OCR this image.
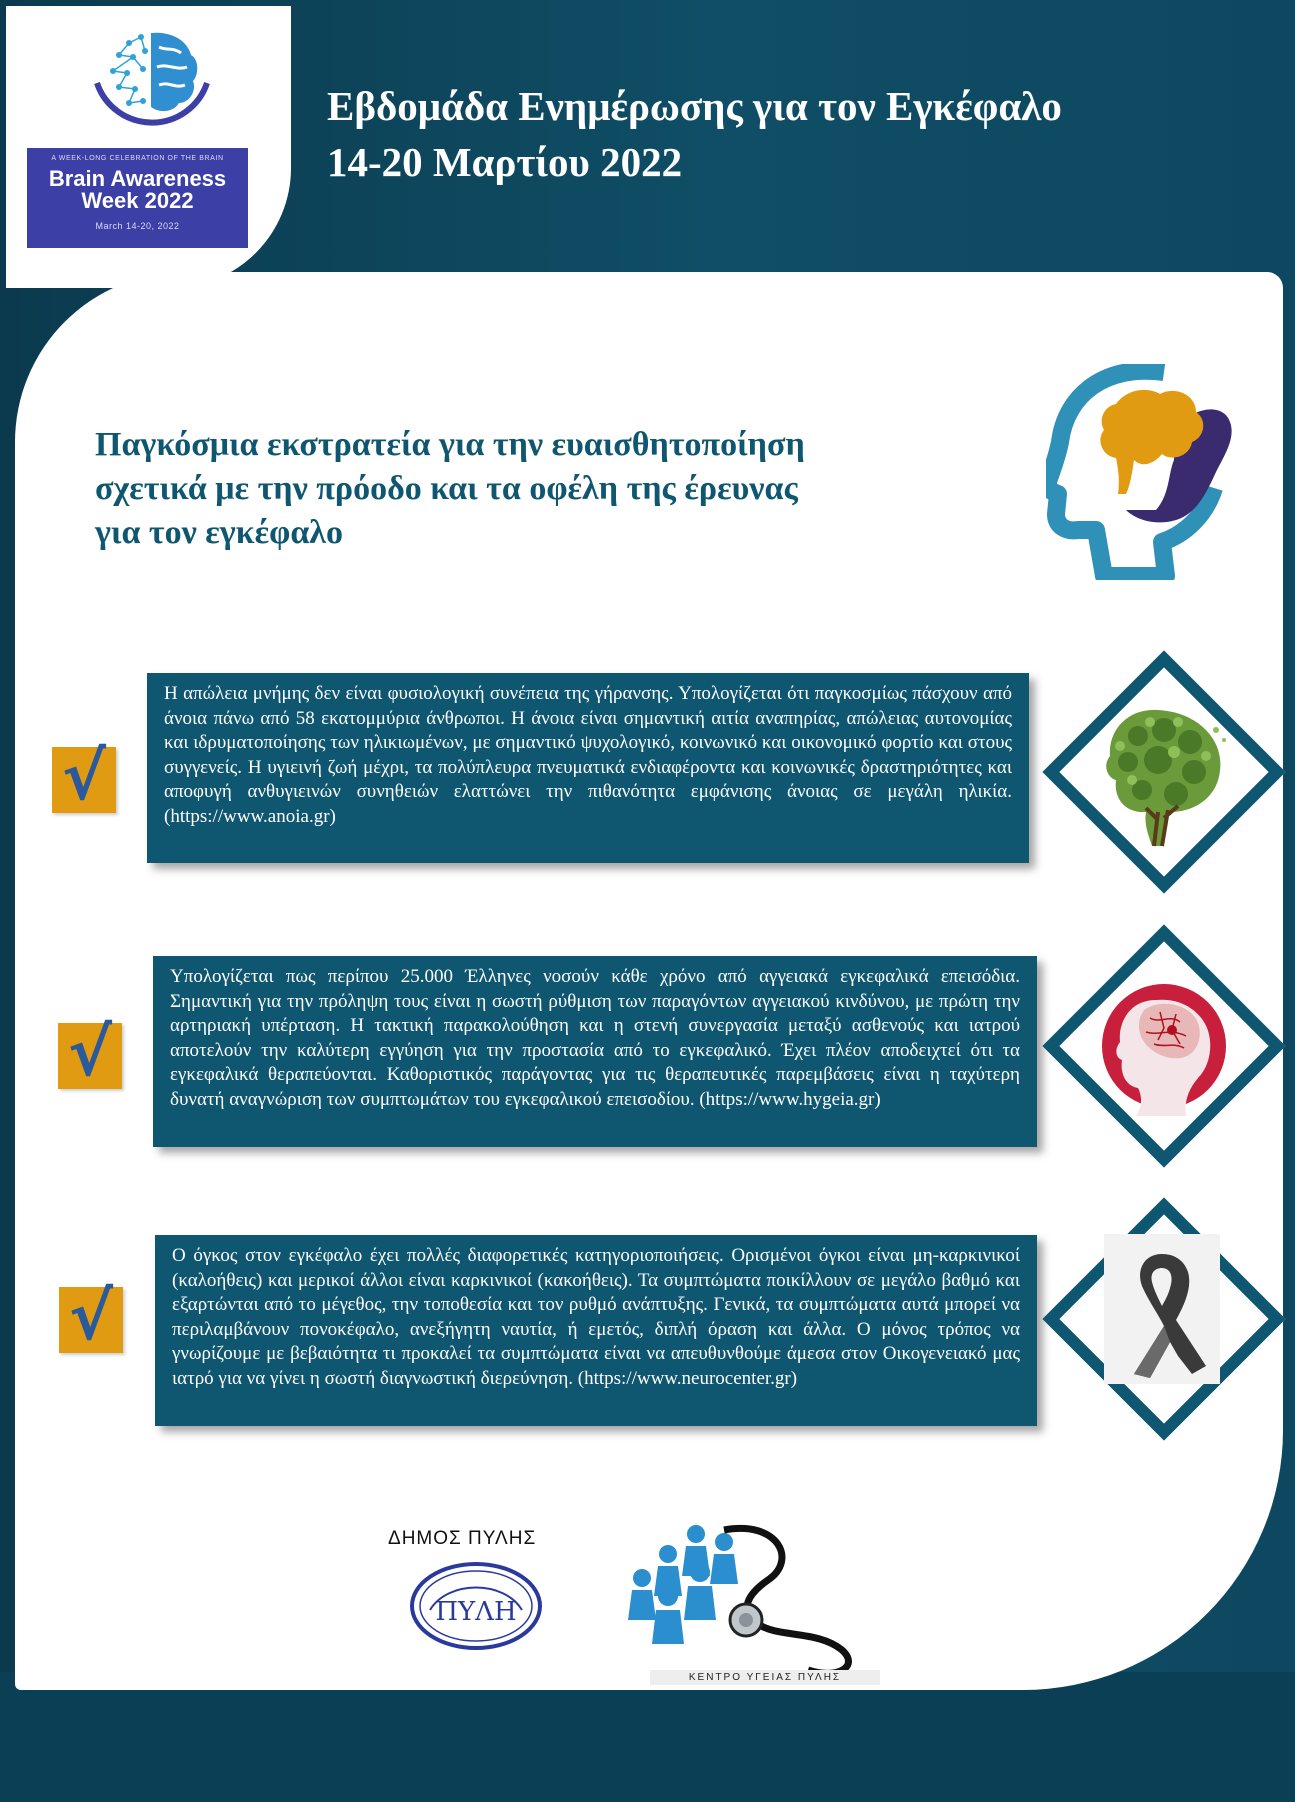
A WEEK-LONG CELEBRATION OF THE BRAIN
Brain Awareness
Week 2022
March 14-20, 2022
Εβδομάδα Ενημέρωσης για τον Εγκέφαλο
14-20 Μαρτίου 2022
Παγκόσμια εκστρατεία για την ευαισθητοποίηση
σχετικά με την πρόοδο και τα οφέλη της έρευνας
για τον εγκέφαλο
√
Η απώλεια μνήμης δεν είναι φυσιολογική συνέπεια της γήρανσης. Υπολογίζεται ότι παγκοσμίως πάσχουν από άνοια πάνω από 58 εκατομμύρια άνθρωποι. Η άνοια είναι σημαντική αιτία αναπηρίας, απώλειας αυτονομίας και ιδρυματοποίησης των ηλικιωμένων, με σημαντικό ψυχολογικό, κοινωνικό και οικονομικό φορτίο και στους συγγενείς. Η υγιεινή ζωή μέχρι, τα πολύπλευρα πνευματικά ενδιαφέροντα και κοινωνικές δραστηριότητες και αποφυγή ανθυγιεινών συνηθειών ελαττώνει την πιθανότητα εμφάνισης άνοιας σε μεγάλη ηλικία. (https://www.anoia.gr)
√
Υπολογίζεται πως περίπου 25.000 Έλληνες νοσούν κάθε χρόνο από αγγειακά εγκεφαλικά επεισόδια. Σημαντική για την πρόληψη τους είναι η σωστή ρύθμιση των παραγόντων αγγειακού κινδύνου, με πρώτη την αρτηριακή υπέρταση. Η τακτική παρακολούθηση και η στενή συνεργασία μεταξύ ασθενούς και ιατρού αποτελούν την καλύτερη εγγύηση για την προστασία από το εγκεφαλικό. Έχει πλέον αποδειχτεί ότι τα εγκεφαλικά θεραπεύονται. Καθοριστικός παράγοντας για τις θεραπευτικές παρεμβάσεις είναι η ταχύτερη δυνατή αναγνώριση των συμπτωμάτων του εγκεφαλικού επεισοδίου. (https://www.hygeia.gr)
√
Ο όγκος στον εγκέφαλο έχει πολλές διαφορετικές κατηγοριοποιήσεις. Ορισμένοι όγκοι είναι μη-καρκινικοί (καλοήθεις) και μερικοί άλλοι είναι καρκινικοί (κακοήθεις). Τα συμπτώματα ποικίλλουν σε μεγάλο βαθμό και εξαρτώνται από το μέγεθος, την τοποθεσία και τον ρυθμό ανάπτυξης. Γενικά, τα συμπτώματα αυτά μπορεί να περιλαμβάνουν πονοκέφαλο, ανεξήγητη ναυτία, ή εμετός, διπλή όραση και άλλα. Ο μόνος τρόπος να γνωρίζουμε με βεβαιότητα τι προκαλεί τα συμπτώματα είναι να απευθυνθούμε άμεσα στον Οικογενειακό μας ιατρό για να γίνει η σωστή διαγνωστική διερεύνηση. (https://www.neurocenter.gr)
ΔΗΜΟΣ ΠΥΛΗΣ
ΠΥΛΗ
ΚΕΝΤΡΟ ΥΓΕΙΑΣ ΠΥΛΗΣ
